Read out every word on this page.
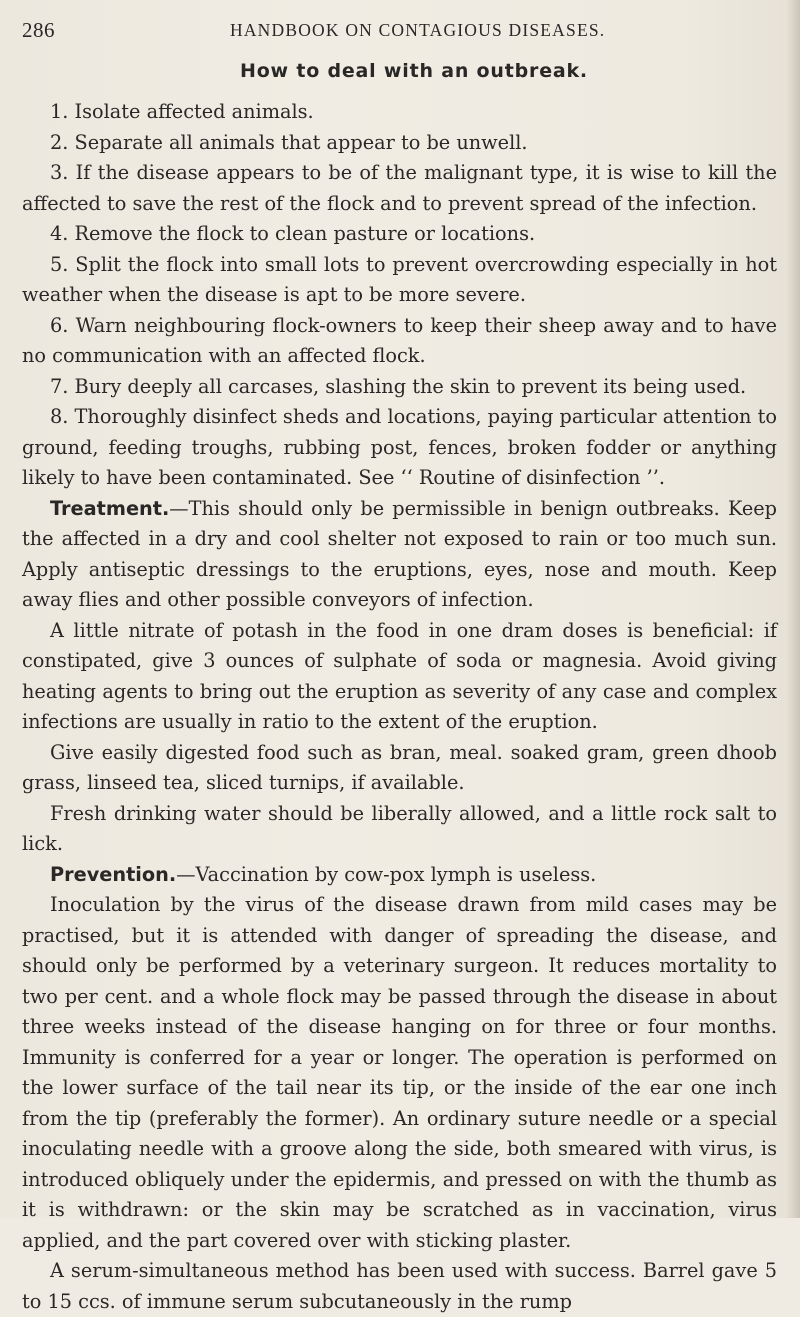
286	HANDBOOK ON CONTAGIOUS DISEASES.
How to deal with an outbreak.

1. Isolate affected animals.

2. Separate all animals that appear to be unwell.

3. If the disease appears to be of the malignant type, it is wise to kill the affected to save the rest of the flock and to prevent spread of the infection.

4. Remove the flock to clean pasture or locations.

5. Split the flock into small lots to prevent overcrowding especially in hot weather when the disease is apt to be more severe.

6. Warn neighbouring flock-owners to keep their sheep away and to have no communication with an affected flock.

7. Bury deeply all carcases, slashing the skin to prevent its being used.

8. Thoroughly disinfect sheds and locations, paying particular attention to ground, feeding troughs, rubbing post, fences, broken fodder or anything likely to have been contaminated. See ‘‘ Routine of disinfection ’’.

Treatment.—This should only be permissible in benign outbreaks. Keep the affected in a dry and cool shelter not exposed to rain or too much sun. Apply antiseptic dressings to the eruptions, eyes, nose and mouth. Keep away flies and other possible conveyors of infection.

A little nitrate of potash in the food in one dram doses is beneficial: if constipated, give 3 ounces of sulphate of soda or magnesia. Avoid giving heating agents to bring out the eruption as severity of any case and complex infections are usually in ratio to the extent of the eruption.

Give easily digested food such as bran, meal. soaked gram, green dhoob grass, linseed tea, sliced turnips, if available.

Fresh drinking water should be liberally allowed, and a little rock salt to lick.

Prevention.—Vaccination by cow-pox lymph is useless.

Inoculation by the virus of the disease drawn from mild cases may be practised, but it is attended with danger of spreading the disease, and should only be performed by a veterinary surgeon. It reduces mortality to two per cent. and a whole flock may be passed through the disease in about three weeks instead of the disease hanging on for three or four months. Immunity is conferred for a year or longer. The operation is performed on the lower surface of the tail near its tip, or the inside of the ear one inch from the tip (preferably the former). An ordinary suture needle or a special inoculating needle with a groove along the side, both smeared with virus, is introduced obliquely under the epidermis, and pressed on with the thumb as it is withdrawn: or the skin may be scratched as in vaccination, virus applied, and the part covered over with sticking plaster.

A serum-simultaneous method has been used with success. Barrel gave 5 to 15 ccs. of immune serum subcutaneously in the rump
